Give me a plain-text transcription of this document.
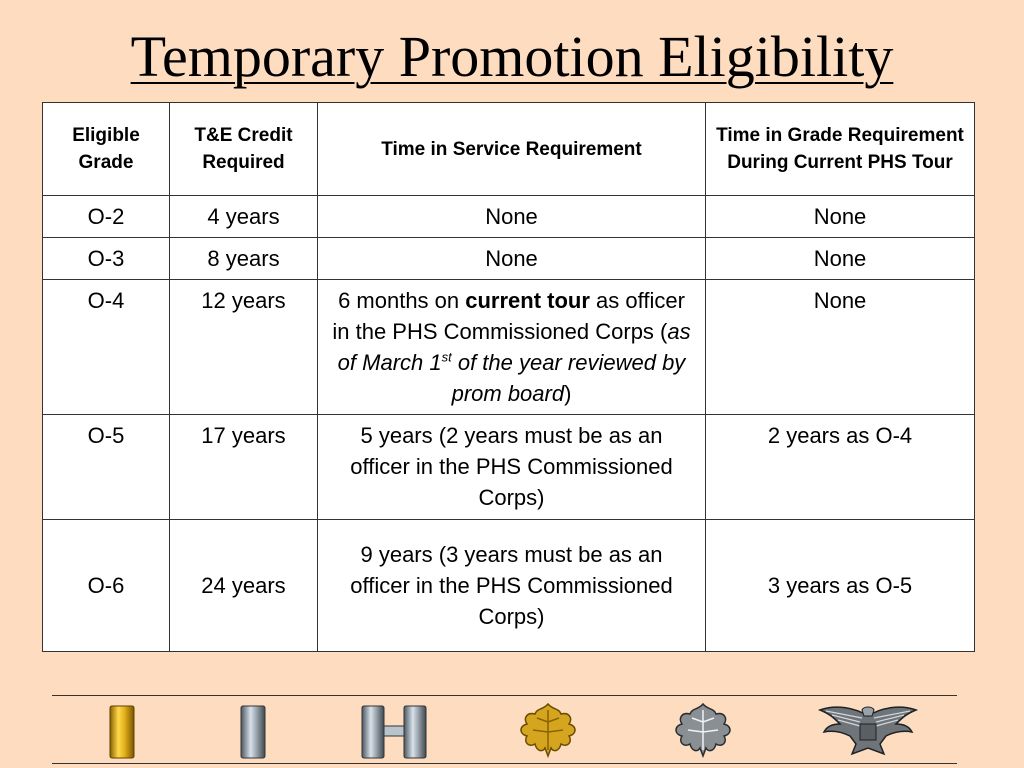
Temporary Promotion Eligibility
Eligible Grade	T&E Credit Required	Time in Service Requirement	Time in Grade Requirement During Current PHS Tour
O-2	4 years	None	None
O-3	8 years	None	None
O-4	12 years	6 months on current tour as officer in the PHS Commissioned Corps (as of March 1st of the year reviewed by prom board)	None
O-5	17 years	5 years (2 years must be as an officer in the PHS Commissioned Corps)	2 years as O-4
O-6	24 years	9 years (3 years must be as an officer in the PHS Commissioned Corps)	3 years as O-5
